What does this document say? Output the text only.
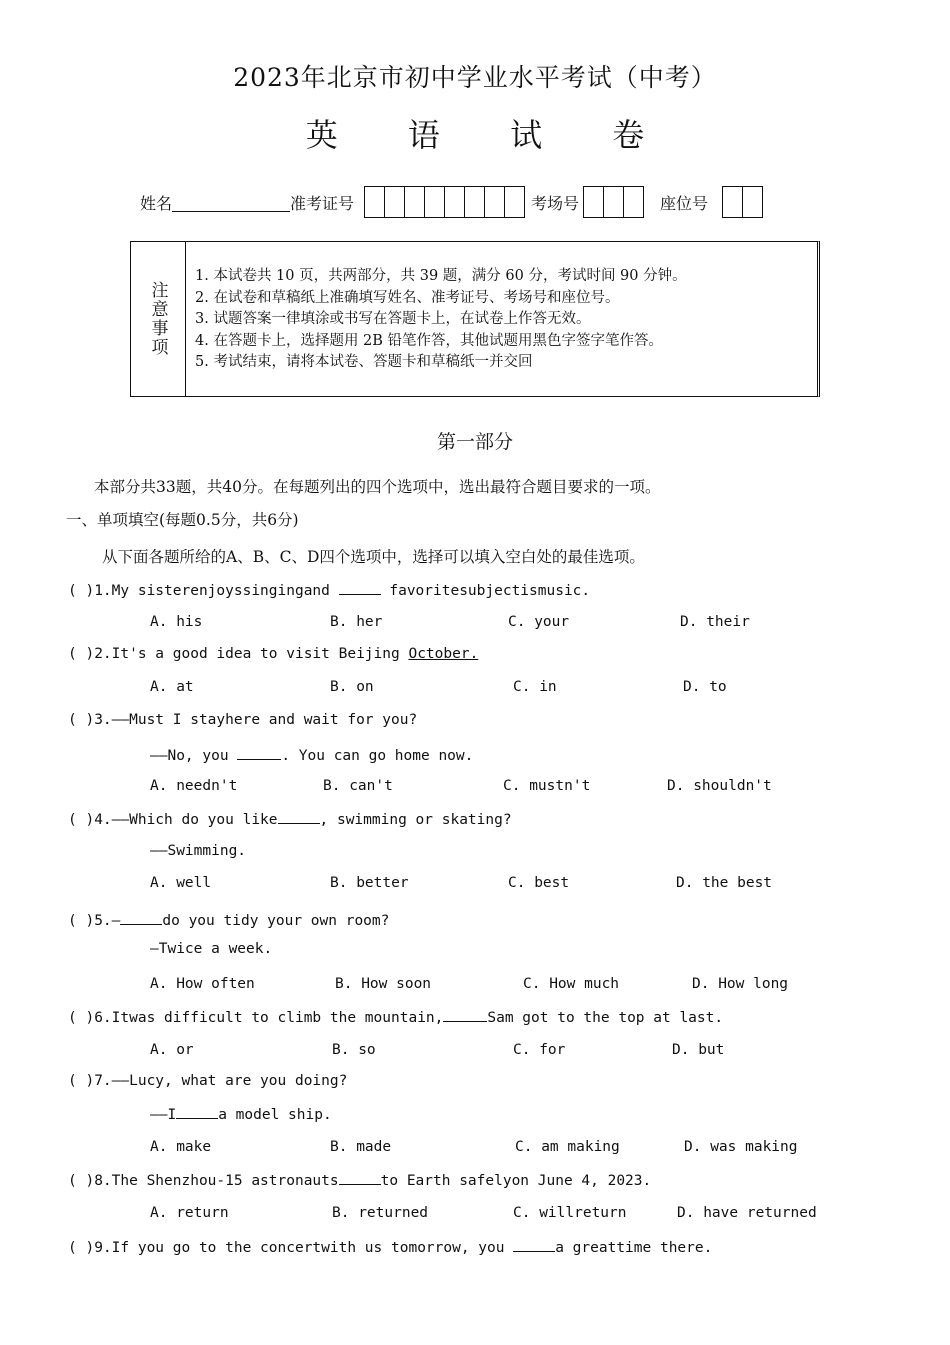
2023年北京市初中学业水平考试（中考）
英 语 试 卷
姓名	准考证号	考场号	座位号
注意事项
1. 本试卷共 10 页，共两部分，共 39 题，满分 60 分，考试时间 90 分钟。
2. 在试卷和草稿纸上准确填写姓名、准考证号、考场号和座位号。
3. 试题答案一律填涂或书写在答题卡上，在试卷上作答无效。
4. 在答题卡上，选择题用 2B 铅笔作答，其他试题用黑色字签字笔作答。
5. 考试结束，请将本试卷、答题卡和草稿纸一并交回
第一部分
本部分共33题，共40分。在每题列出的四个选项中，选出最符合题目要求的一项。
一、单项填空(每题0.5分，共6分)
从下面各题所给的A、B、C、D四个选项中，选择可以填入空白处的最佳选项。
( )1.My sisterenjoyssingingand	favoritesubjectismusic.
A. his	B. her	C. your	D. their
( )2.It's a good idea to visit Beijing October.
A. at	B. on	C. in	D. to
( )3.——Must I stayhere and wait for you?
——No, you	. You can go home now.
A. needn't	B. can't	C. mustn't	D. shouldn't
( )4.——Which do you like	, swimming or skating?
——Swimming.
A. well	B. better	C. best	D. the best
( )5.—	do you tidy your own room?
—Twice a week.
A. How often	B. How soon	C. How much	D. How long
( )6.Itwas difficult to climb the mountain,	Sam got to the top at last.
A. or	B. so	C. for	D. but
( )7.——Lucy, what are you doing?
——I	a model ship.
A. make	B. made	C. am making	D. was making
( )8.The Shenzhou-15 astronauts	to Earth safelyon June 4, 2023.
A. return	B. returned	C. willreturn	D. have returned
( )9.If you go to the concertwith us tomorrow, you	a greattime there.
